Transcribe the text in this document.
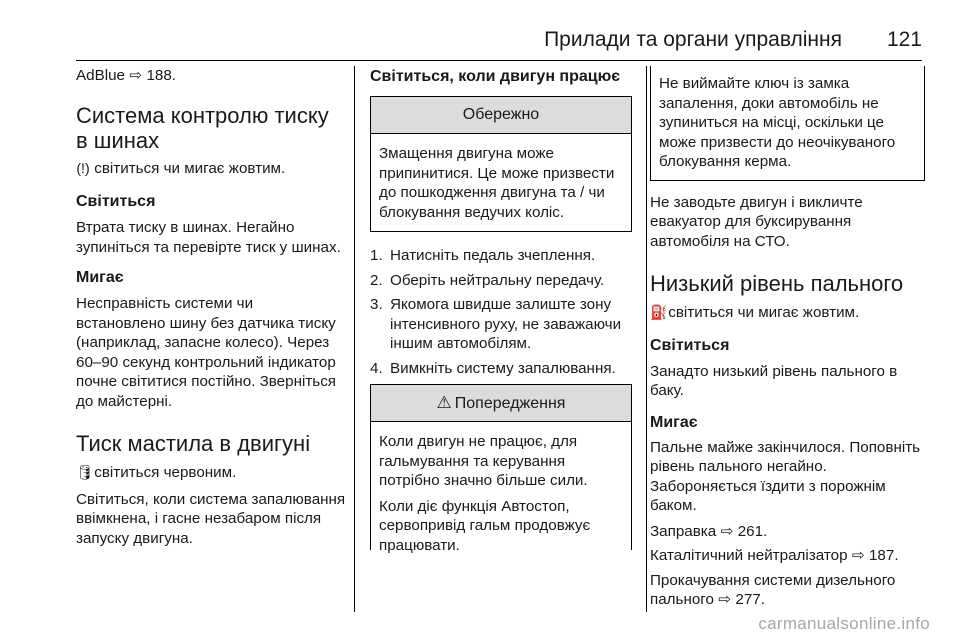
Прилади та органи управління 121

AdBlue ⇨ 188.

Система контролю тиску в шинах

(!) світиться чи мигає жовтим.

Світиться

Втрата тиску в шинах. Негайно зупиніться та перевірте тиск у шинах.

Мигає

Несправність системи чи встановлено шину без датчика тиску (наприклад, запасне колесо). Через 60–90 секунд контрольний індикатор почне світитися постійно. Зверніться до майстерні.

Тиск мастила в двигуні

🛢 світиться червоним.

Світиться, коли система запалювання ввімкнена, і гасне незабаром після запуску двигуна.

Світиться, коли двигун працює
Обережно

Змащення двигуна може припинитися. Це може призвести до пошкодження двигуна та / чи блокування ведучих коліс.

1. Натисніть педаль зчеплення.
2. Оберіть нейтральну передачу.
3. Якомога швидше залиште зону інтенсивного руху, не заважаючи іншим автомобілям.
4. Вимкніть систему запалювання.
⚠ Попередження

Коли двигун не працює, для гальмування та керування потрібно значно більше сили.

Коли діє функція Автостоп, сервопривід гальм продовжує працювати.

Не виймайте ключ із замка запалення, доки автомобіль не зупиниться на місці, оскільки це може призвести до неочікуваного блокування керма.

Не заводьте двигун і викличте евакуатор для буксирування автомобіля на СТО.

Низький рівень пального

⛽ світиться чи мигає жовтим.

Світиться

Занадто низький рівень пального в баку.

Мигає

Пальне майже закінчилося. Поповніть рівень пального негайно. Забороняється їздити з порожнім баком.

Заправка ⇨ 261.

Каталітичний нейтралізатор ⇨ 187.

Прокачування системи дизельного пального ⇨ 277.

carmanualsonline.info
